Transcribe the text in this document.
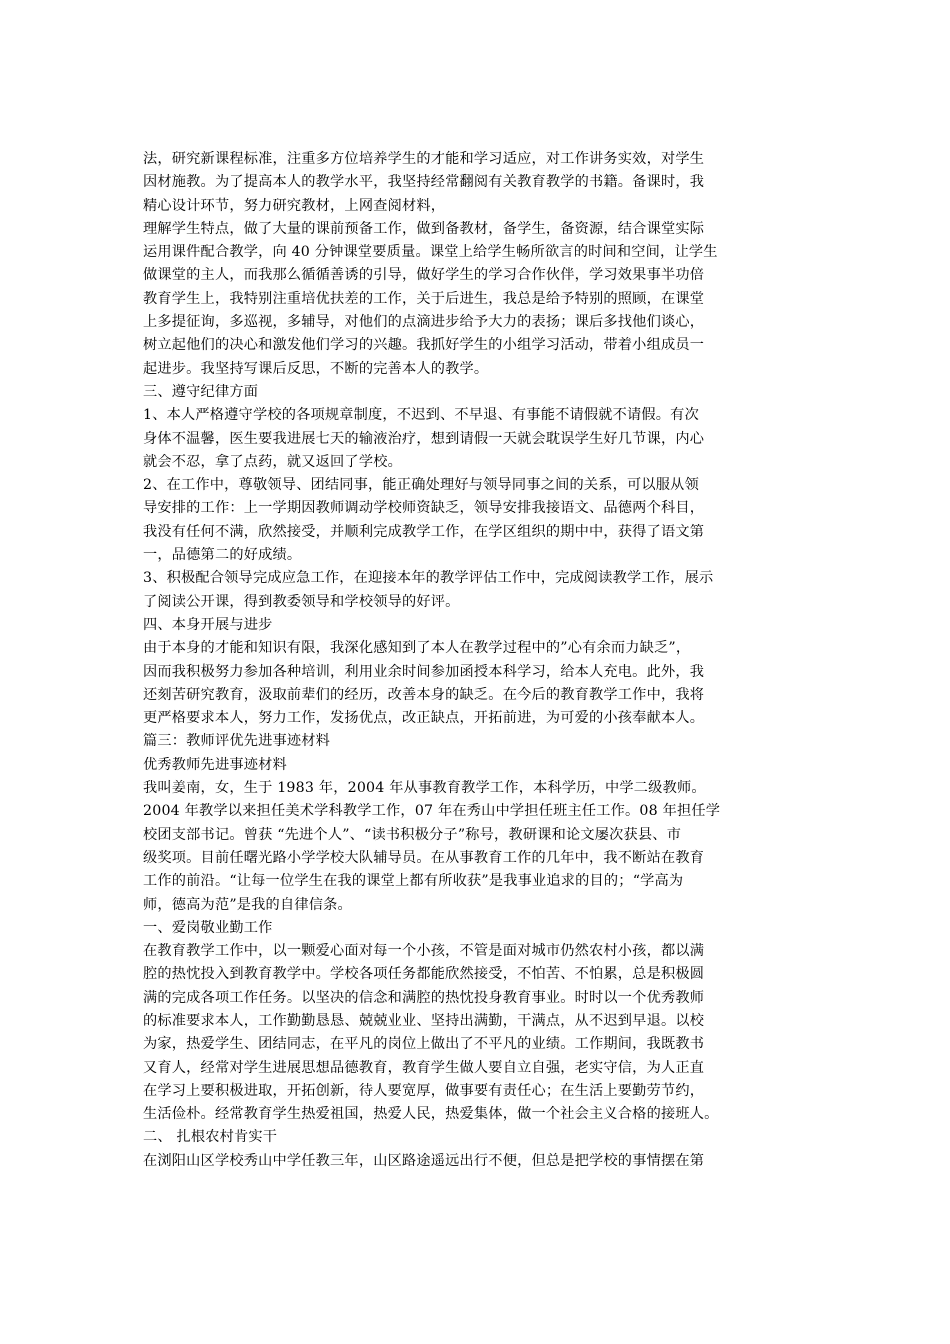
法，研究新课程标准，注重多方位培养学生的才能和学习适应，对工作讲务实效，对学生
因材施教。为了提高本人的教学水平，我坚持经常翻阅有关教育教学的书籍。备课时，我
精心设计环节，努力研究教材，上网查阅材料，
理解学生特点，做了大量的课前预备工作，做到备教材，备学生，备资源，结合课堂实际
运用课件配合教学，向 40 分钟课堂要质量。课堂上给学生畅所欲言的时间和空间，让学生
做课堂的主人，而我那么循循善诱的引导，做好学生的学习合作伙伴，学习效果事半功倍
教育学生上，我特别注重培优扶差的工作，关于后进生，我总是给予特别的照顾，在课堂
上多提征询，多巡视，多辅导，对他们的点滴进步给予大力的表扬；课后多找他们谈心，
树立起他们的决心和激发他们学习的兴趣。我抓好学生的小组学习活动，带着小组成员一
起进步。我坚持写课后反思，不断的完善本人的教学。
三、遵守纪律方面
1、本人严格遵守学校的各项规章制度，不迟到、不早退、有事能不请假就不请假。有次
身体不温馨，医生要我进展七天的输液治疗，想到请假一天就会耽误学生好几节课，内心
就会不忍，拿了点药，就又返回了学校。
2、在工作中，尊敬领导、团结同事，能正确处理好与领导同事之间的关系，可以服从领
导安排的工作：上一学期因教师调动学校师资缺乏，领导安排我接语文、品德两个科目，
我没有任何不满，欣然接受，并顺利完成教学工作，在学区组织的期中中，获得了语文第
一，品德第二的好成绩。
3、积极配合领导完成应急工作，在迎接本年的教学评估工作中，完成阅读教学工作，展示
了阅读公开课，得到教委领导和学校领导的好评。
四、本身开展与进步
由于本身的才能和知识有限，我深化感知到了本人在教学过程中的”心有余而力缺乏”，
因而我积极努力参加各种培训，利用业余时间参加函授本科学习，给本人充电。此外，我
还刻苦研究教育，汲取前辈们的经历，改善本身的缺乏。在今后的教育教学工作中，我将
更严格要求本人，努力工作，发扬优点，改正缺点，开拓前进，为可爱的小孩奉献本人。
篇三：教师评优先进事迹材料
优秀教师先进事迹材料
我叫姜南，女，生于 1983 年，2004 年从事教育教学工作，本科学历，中学二级教师。
2004 年教学以来担任美术学科教学工作，07 年在秀山中学担任班主任工作。08 年担任学
校团支部书记。曾获 “先进个人”、“读书积极分子”称号，教研课和论文屡次获县、市
级奖项。目前任曙光路小学学校大队辅导员。在从事教育工作的几年中，我不断站在教育
工作的前沿。“让每一位学生在我的课堂上都有所收获”是我事业追求的目的；“学高为
师，德高为范”是我的自律信条。
一、爱岗敬业勤工作
在教育教学工作中，以一颗爱心面对每一个小孩，不管是面对城市仍然农村小孩，都以满
腔的热忱投入到教育教学中。学校各项任务都能欣然接受，不怕苦、不怕累，总是积极圆
满的完成各项工作任务。以坚决的信念和满腔的热忱投身教育事业。时时以一个优秀教师
的标准要求本人，工作勤勤恳恳、兢兢业业、坚持出满勤，干满点，从不迟到早退。以校
为家，热爱学生、团结同志，在平凡的岗位上做出了不平凡的业绩。工作期间，我既教书
又育人，经常对学生进展思想品德教育，教育学生做人要自立自强，老实守信，为人正直
在学习上要积极进取，开拓创新，待人要宽厚，做事要有责任心；在生活上要勤劳节约，
生活俭朴。经常教育学生热爱祖国，热爱人民，热爱集体，做一个社会主义合格的接班人。
二、 扎根农村肯实干
在浏阳山区学校秀山中学任教三年，山区路途遥远出行不便，但总是把学校的事情摆在第
